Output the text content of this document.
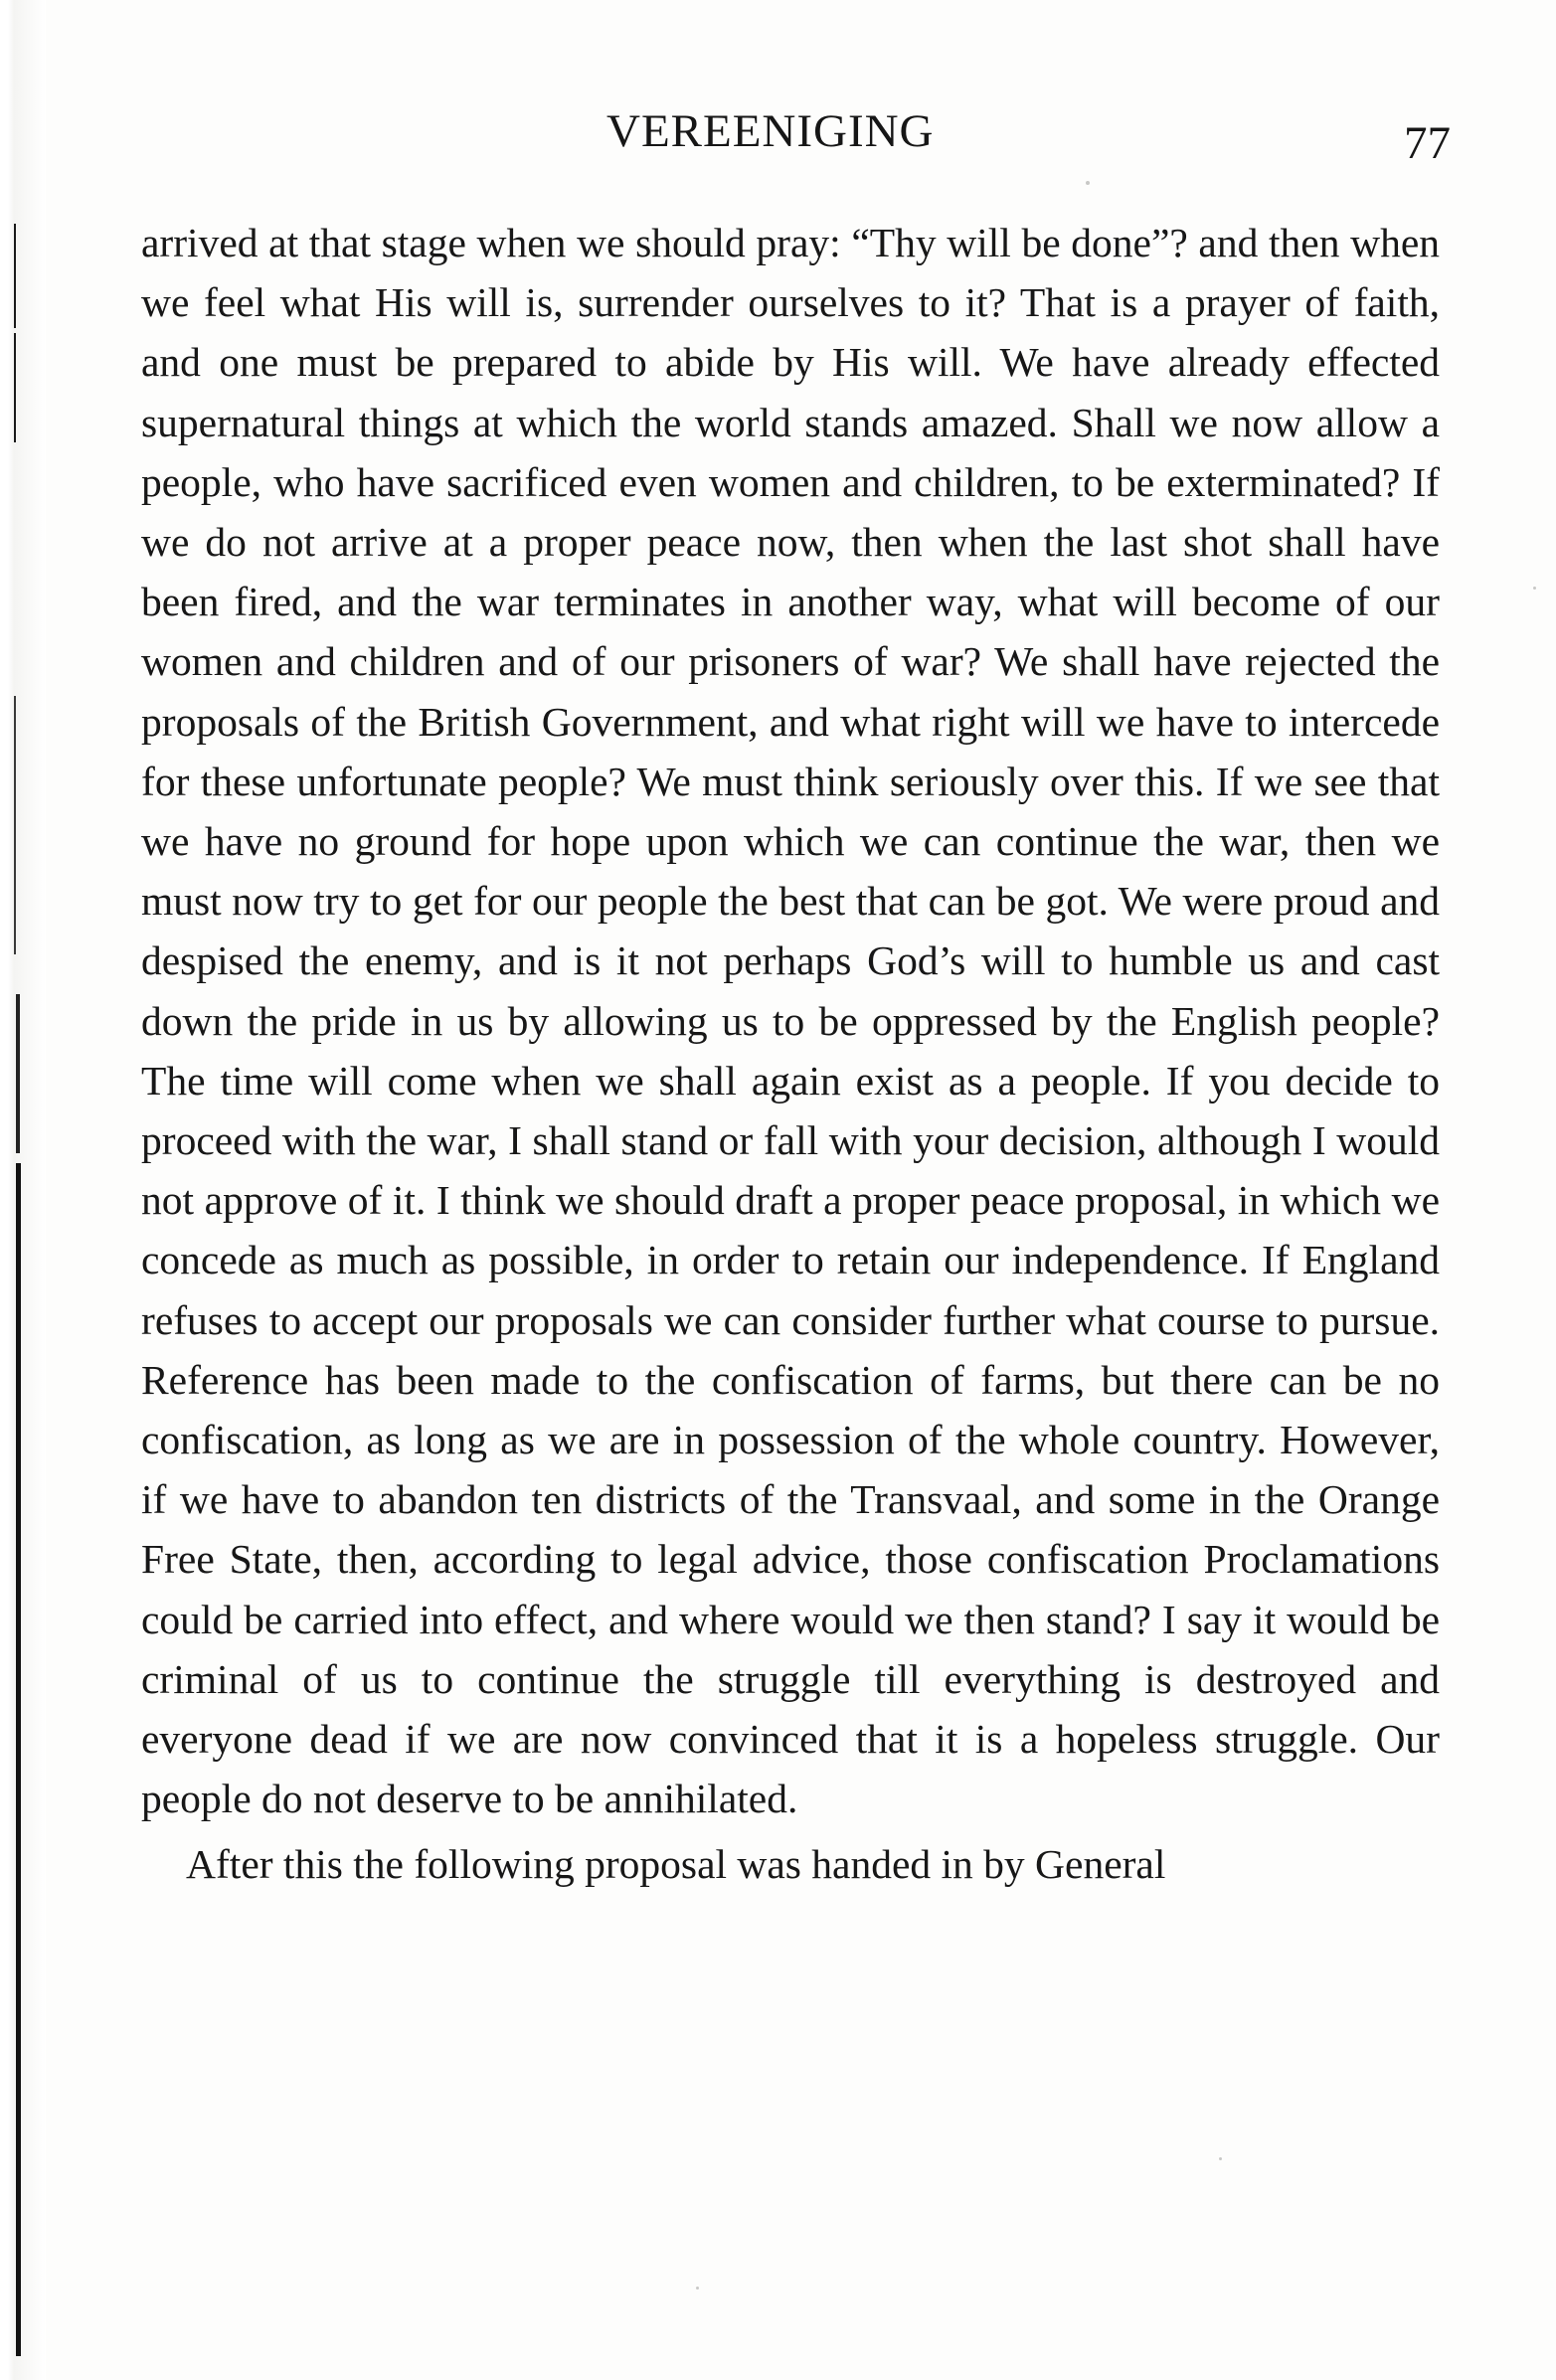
VEREENIGING	77

arrived at that stage when we should pray: “Thy will be done”? and then when we feel what His will is, surrender ourselves to it? That is a prayer of faith, and one must be prepared to abide by His will. We have already effected supernatural things at which the world stands amazed. Shall we now allow a people, who have sacrificed even women and children, to be exterminated? If we do not arrive at a proper peace now, then when the last shot shall have been fired, and the war terminates in another way, what will become of our women and children and of our prisoners of war? We shall have rejected the proposals of the British Government, and what right will we have to intercede for these unfortunate people? We must think seriously over this. If we see that we have no ground for hope upon which we can continue the war, then we must now try to get for our people the best that can be got. We were proud and despised the enemy, and is it not perhaps God’s will to humble us and cast down the pride in us by allowing us to be oppressed by the English people? The time will come when we shall again exist as a people. If you decide to proceed with the war, I shall stand or fall with your decision, although I would not approve of it. I think we should draft a proper peace proposal, in which we concede as much as possible, in order to retain our independence. If England refuses to accept our proposals we can consider further what course to pursue. Reference has been made to the confiscation of farms, but there can be no confiscation, as long as we are in possession of the whole country. However, if we have to abandon ten districts of the Transvaal, and some in the Orange Free State, then, according to legal advice, those confiscation Proclamations could be carried into effect, and where would we then stand? I say it would be criminal of us to continue the struggle till everything is destroyed and everyone dead if we are now convinced that it is a hopeless struggle. Our people do not deserve to be annihilated.

After this the following proposal was handed in by General
